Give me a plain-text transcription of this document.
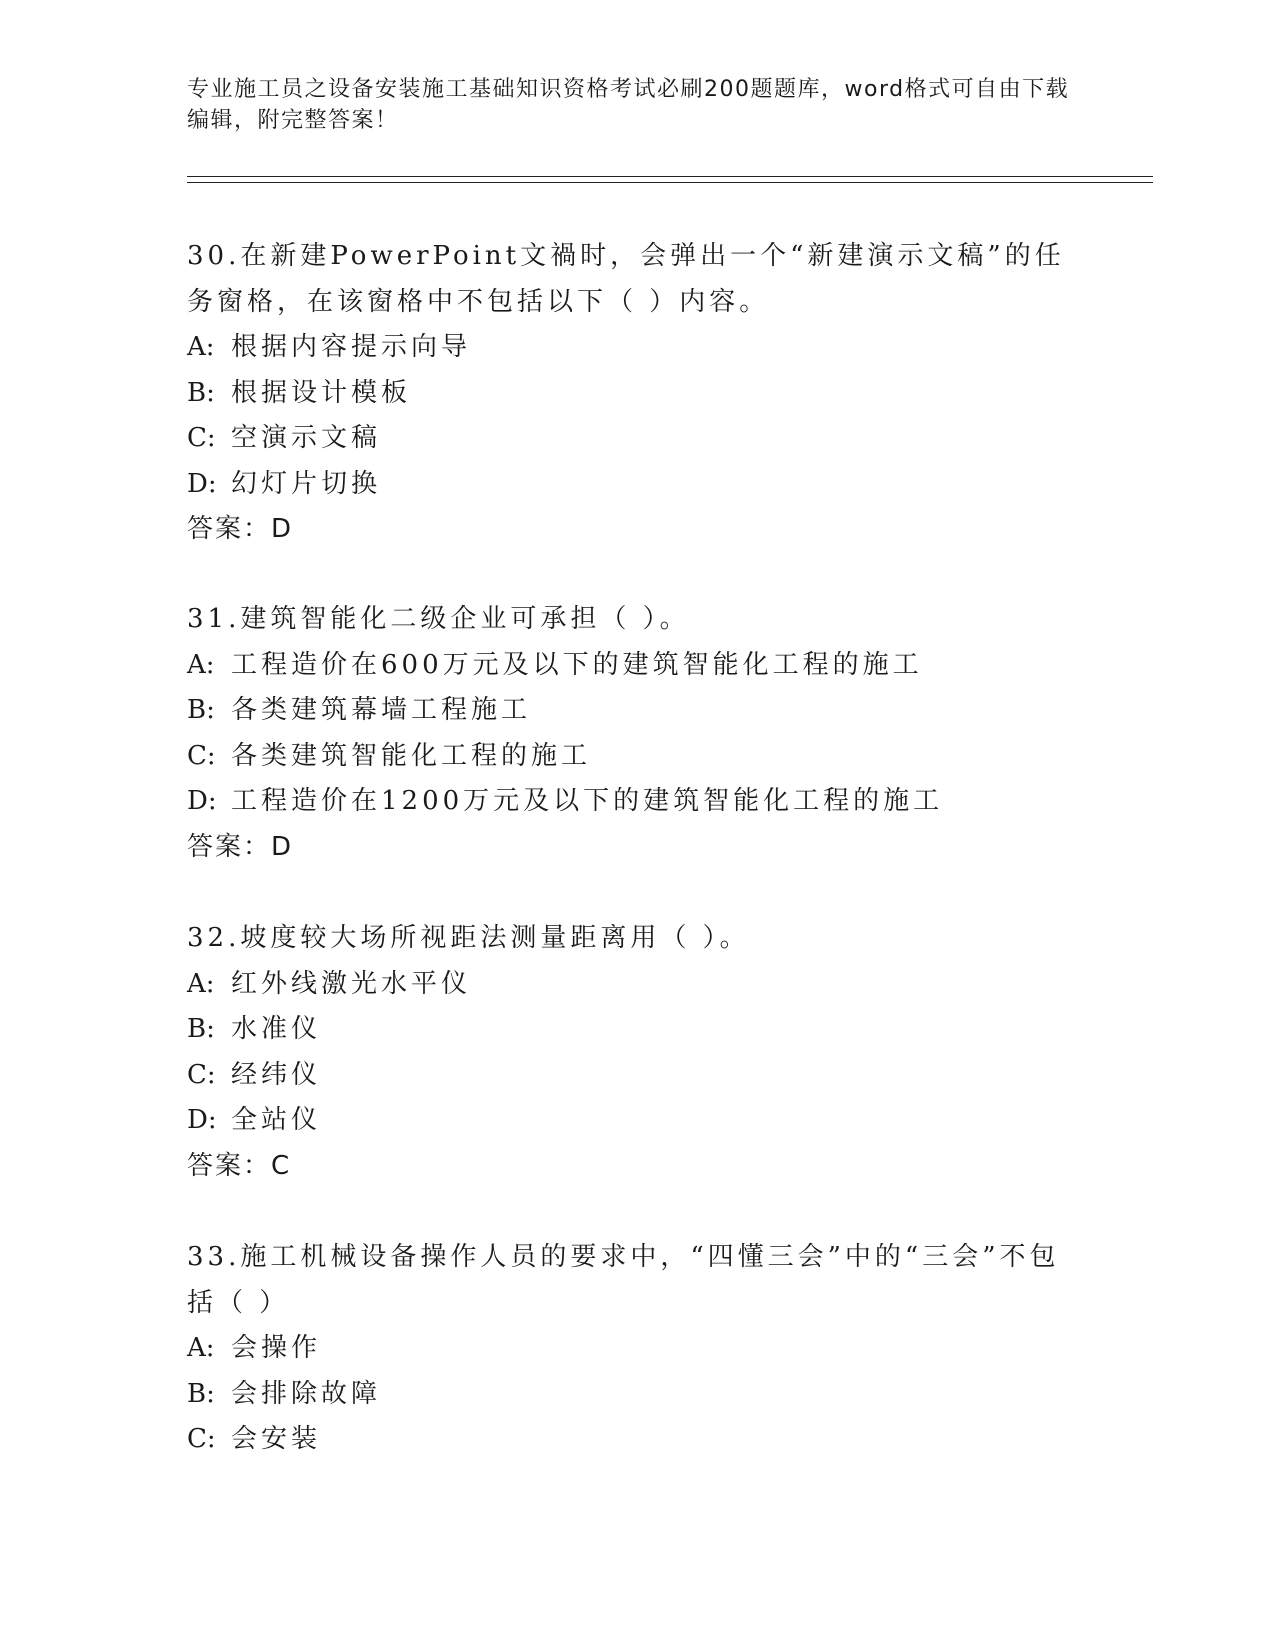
专业施工员之设备安装施工基础知识资格考试必刷200题题库，word格式可自由下载编辑，附完整答案！

30.在新建PowerPoint文禍时，会弹出一个“新建演示文稿”的任务窗格，在该窗格中不包括以下（ ）内容。

A: 根据内容提示向导

B: 根据设计模板

C: 空演示文稿

D: 幻灯片切换

答案：D

31.建筑智能化二级企业可承担（ ）。

A: 工程造价在600万元及以下的建筑智能化工程的施工

B: 各类建筑幕墙工程施工

C: 各类建筑智能化工程的施工

D: 工程造价在1200万元及以下的建筑智能化工程的施工

答案：D

32.坡度较大场所视距法测量距离用（ ）。

A: 红外线激光水平仪

B: 水准仪

C: 经纬仪

D: 全站仪

答案：C

33.施工机械设备操作人员的要求中，“四懂三会”中的“三会”不包括（ ）

A: 会操作

B: 会排除故障

C: 会安装
